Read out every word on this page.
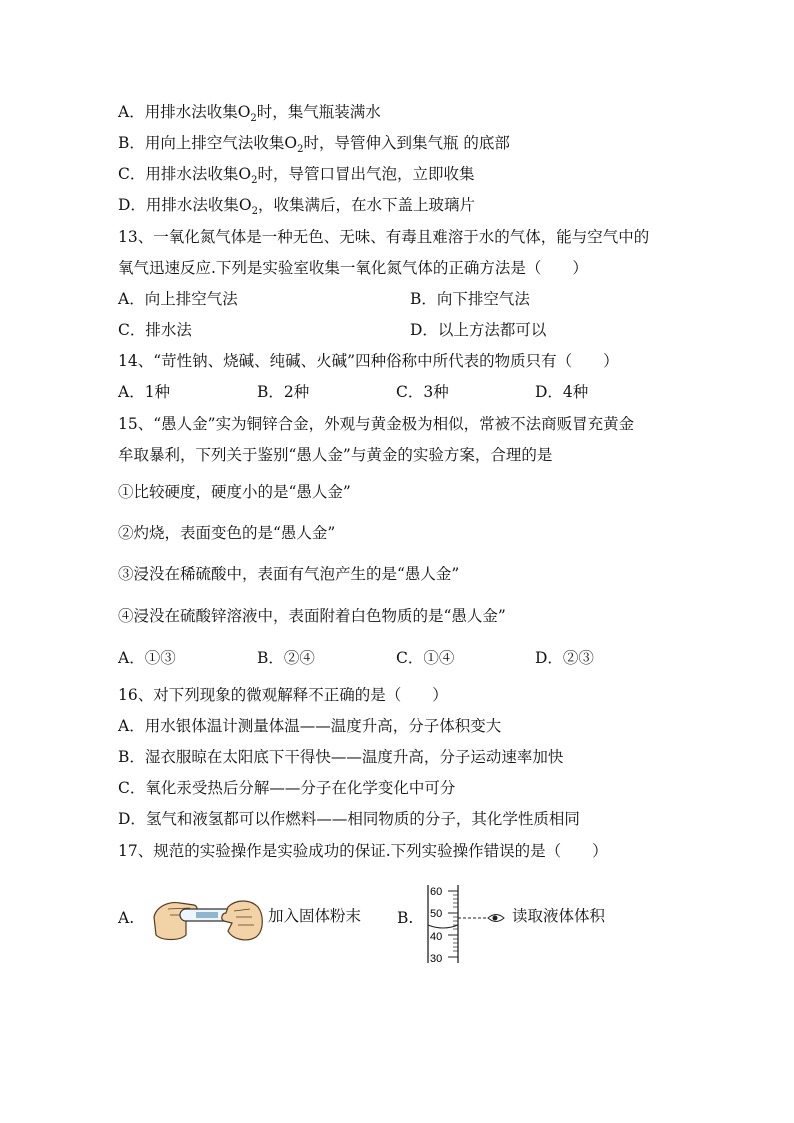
A．用排水法收集$O_2$时，集气瓶装满水
B．用向上排空气法收集$O_2$时，导管伸入到集气瓶 的底部
C．用排水法收集$O_2$时，导管口冒出气泡，立即收集
D．用排水法收集$O_2$，收集满后，在水下盖上玻璃片
13、一氧化氮气体是一种无色、无味、有毒且难溶于水的气体，能与空气中的
氧气迅速反应.下列是实验室收集一氧化氮气体的正确方法是（　　）
A．向上排空气法	B．向下排空气法
C．排水法	D．以上方法都可以
14、“苛性钠、烧碱、纯碱、火碱”四种俗称中所代表的物质只有（　　）
A．1种	B．2种	C．3种	D．4种
15、“愚人金”实为铜锌合金，外观与黄金极为相似，常被不法商贩冒充黄金
牟取暴利，下列关于鉴别“愚人金”与黄金的实验方案，合理的是
①比较硬度，硬度小的是“愚人金”
②灼烧，表面变色的是“愚人金”
③浸没在稀硫酸中，表面有气泡产生的是“愚人金”
④浸没在硫酸锌溶液中，表面附着白色物质的是“愚人金”
A．①③	B．②④	C．①④	D．②③
16、对下列现象的微观解释不正确的是（　　）
A．用水银体温计测量体温——温度升高，分子体积变大
B．湿衣服晾在太阳底下干得快——温度升高，分子运动速率加快
C．氧化汞受热后分解——分子在化学变化中可分
D．氢气和液氢都可以作燃料——相同物质的分子，其化学性质相同
17、规范的实验操作是实验成功的保证.下列实验操作错误的是（　　）
A.	加入固体粉末 B.	读取液体体积
60
50
40
30
